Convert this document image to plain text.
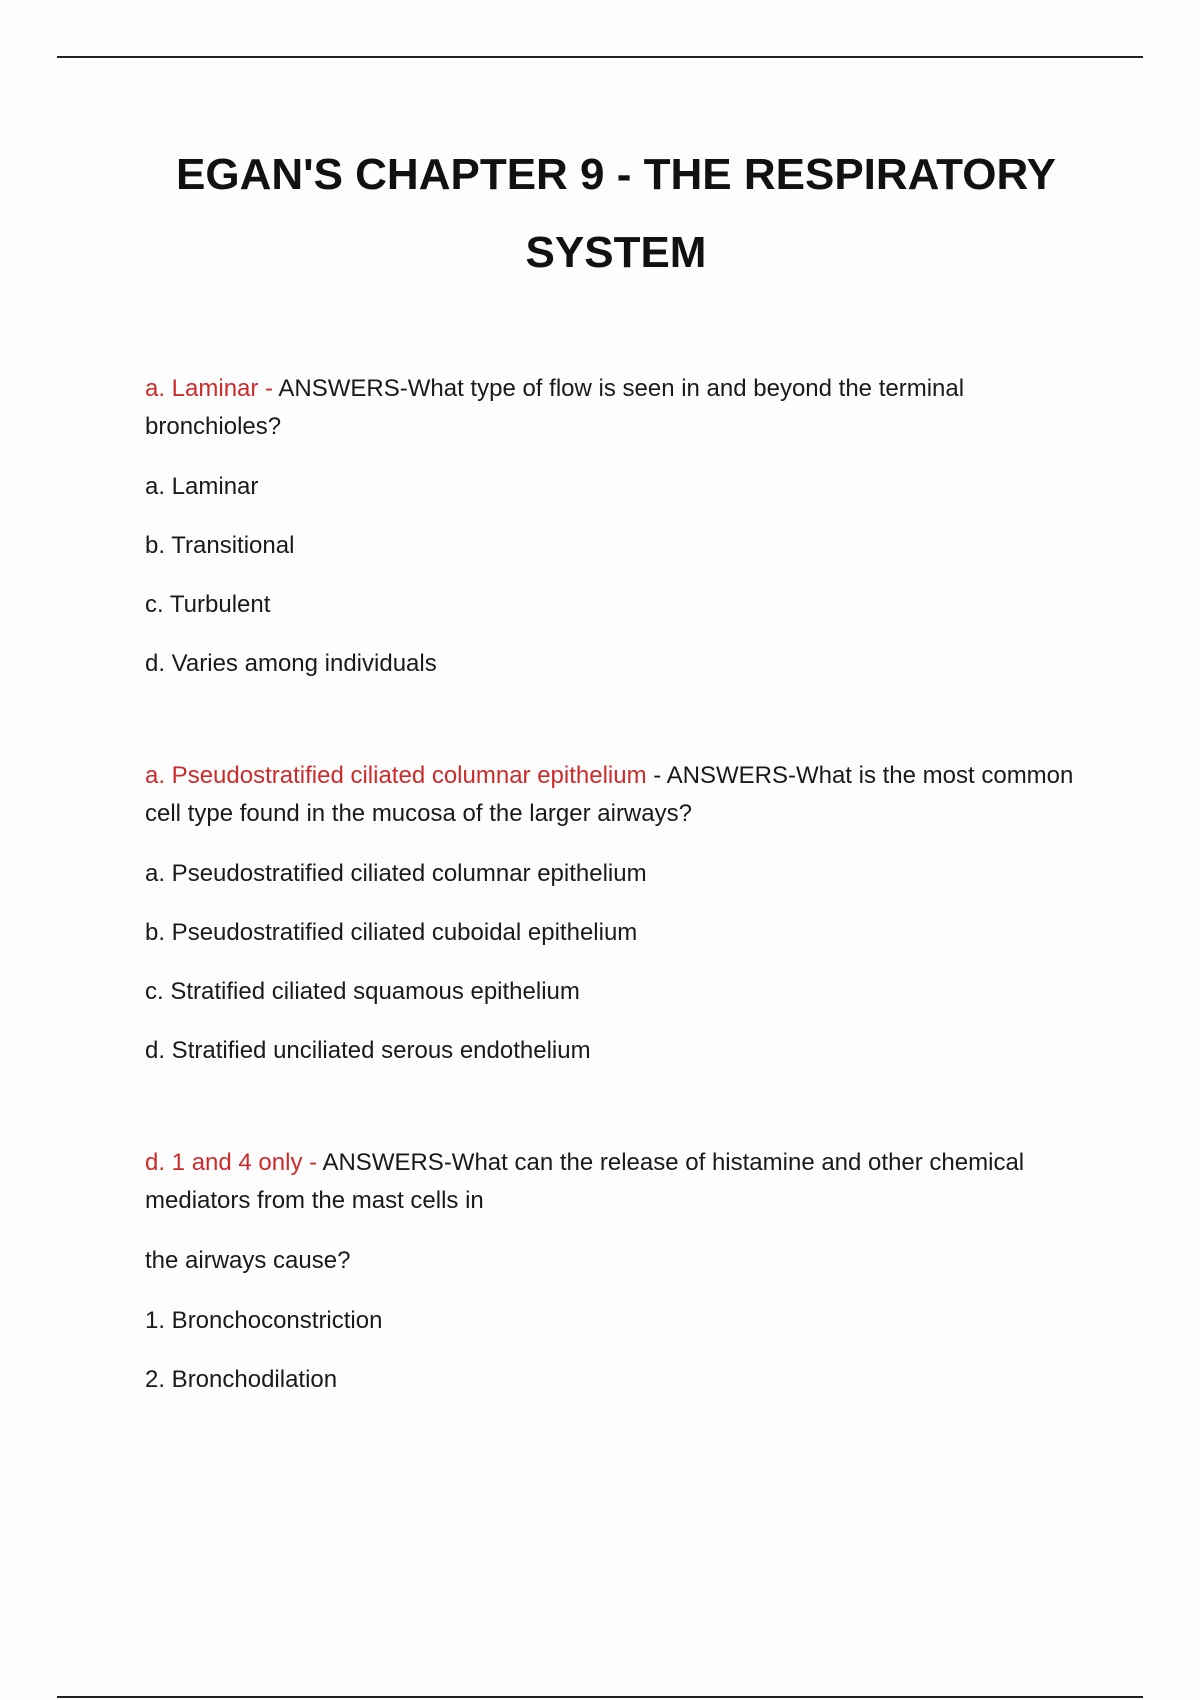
EGAN'S CHAPTER 9 - THE RESPIRATORY SYSTEM

a. Laminar - ANSWERS-What type of flow is seen in and beyond the terminal bronchioles?

a. Laminar

b. Transitional

c. Turbulent

d. Varies among individuals

a. Pseudostratified ciliated columnar epithelium - ANSWERS-What is the most common cell type found in the mucosa of the larger airways?

a. Pseudostratified ciliated columnar epithelium

b. Pseudostratified ciliated cuboidal epithelium

c. Stratified ciliated squamous epithelium

d. Stratified unciliated serous endothelium

d. 1 and 4 only - ANSWERS-What can the release of histamine and other chemical mediators from the mast cells in

the airways cause?

1. Bronchoconstriction

2. Bronchodilation
